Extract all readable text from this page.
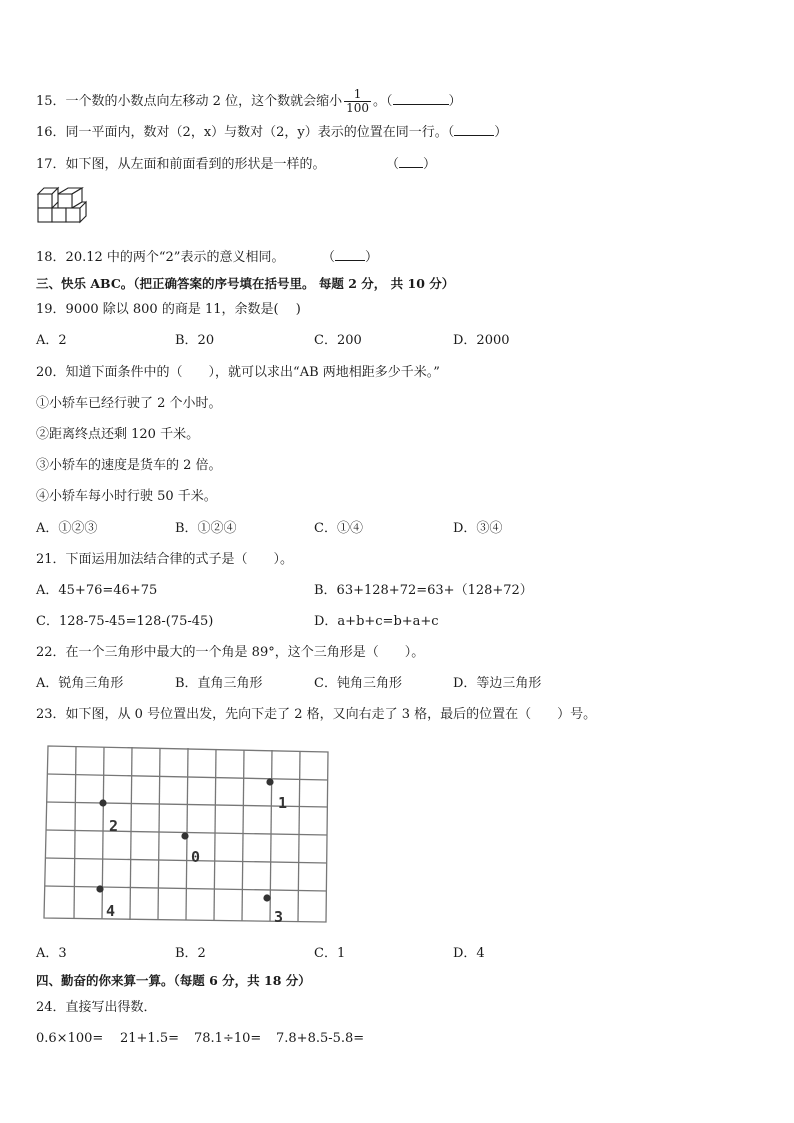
15．一个数的小数点向左移动 2 位，这个数就会缩小 $\frac{1}{100}$ 。（	）
16．同一平面内，数对（2，x）与数对（2，y）表示的位置在同一行。（	）
17．如下图，从左面和前面看到的形状是一样的。	（ ）
18．20.12 中的两个“2”表示的意义相同。	（ ）
三、快乐 ABC。（把正确答案的序号填在括号里。 每题 2 分， 共 10 分）
19．9000 除以 800 的商是 11，余数是(　 )
A．2	B．20	C．200	D．2000
20．知道下面条件中的（　　），就可以求出“AB 两地相距多少千米。”
①小轿车已经行驶了 2 个小时。
②距离终点还剩 120 千米。
③小轿车的速度是货车的 2 倍。
④小轿车每小时行驶 50 千米。
A．①②③	B．①②④	C．①④	D．③④
21．下面运用加法结合律的式子是（　　）。
A．45+76=46+75	B．63+128+72=63+（128+72）
C．128-75-45=128-(75-45)	D．a+b+c=b+a+c
22．在一个三角形中最大的一个角是 89°，这个三角形是（　　）。
A．锐角三角形	B．直角三角形	C．钝角三角形	D．等边三角形
23．如下图，从 0 号位置出发，先向下走了 2 格，又向右走了 3 格，最后的位置在（　　）号。
1
2
0
4	3
A．3	B．2	C．1	D．4
四、勤奋的你来算一算。（每题 6 分，共 18 分）
24．直接写出得数．
0.6×100= 21+1.5= 78.1÷10= 7.8+8.5-5.8=
